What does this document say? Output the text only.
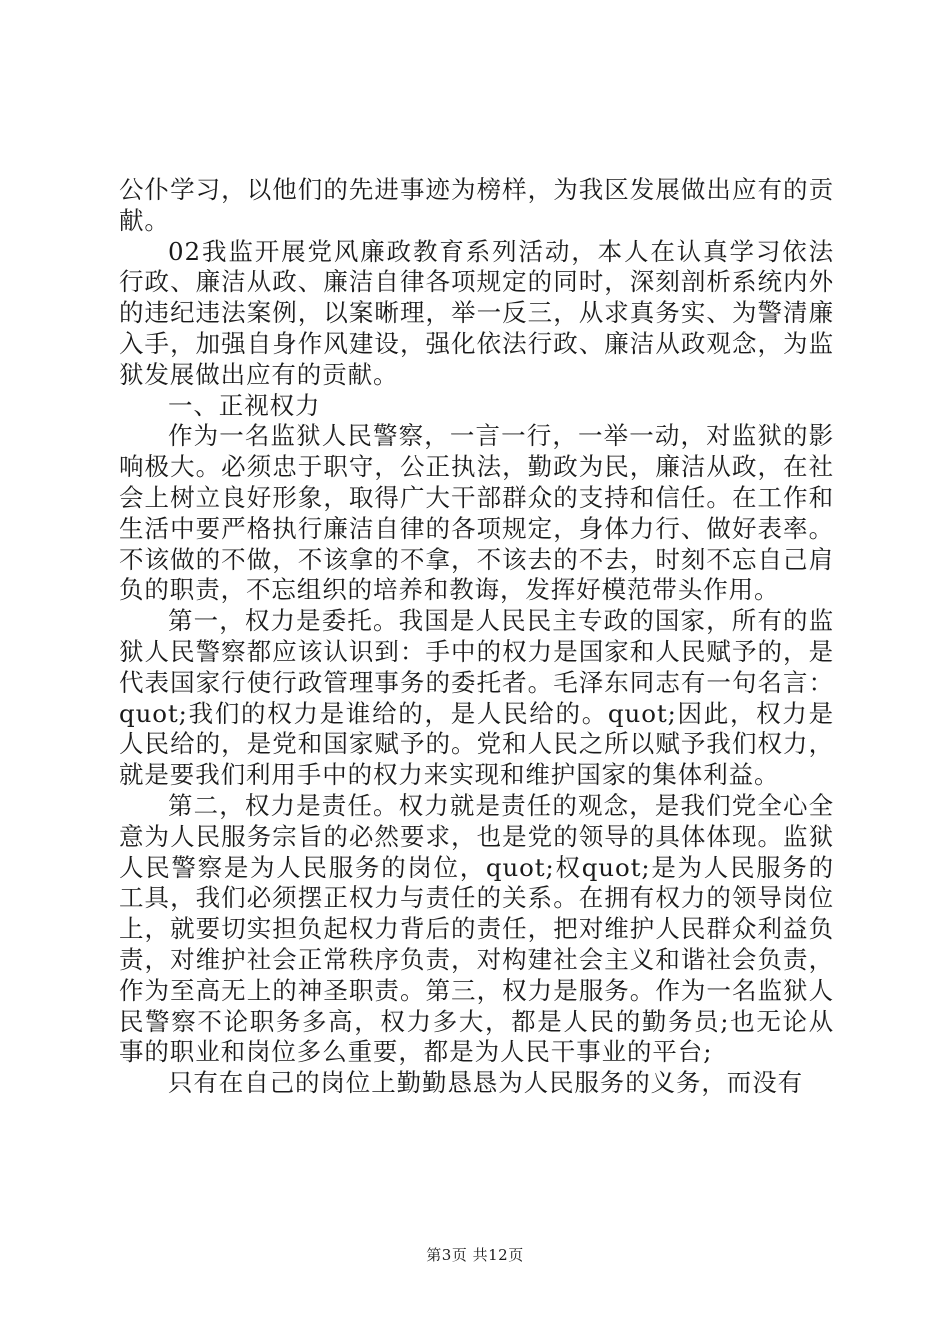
公仆学习，以他们的先进事迹为榜样，为我区发展做出应有的贡献。

02我监开展党风廉政教育系列活动，本人在认真学习依法行政、廉洁从政、廉洁自律各项规定的同时，深刻剖析系统内外的违纪违法案例，以案晰理，举一反三，从求真务实、为警清廉入手，加强自身作风建设，强化依法行政、廉洁从政观念，为监狱发展做出应有的贡献。

一、正视权力

作为一名监狱人民警察，一言一行，一举一动，对监狱的影响极大。必须忠于职守，公正执法，勤政为民，廉洁从政，在社会上树立良好形象，取得广大干部群众的支持和信任。在工作和生活中要严格执行廉洁自律的各项规定，身体力行、做好表率。不该做的不做，不该拿的不拿，不该去的不去，时刻不忘自己肩负的职责，不忘组织的培养和教诲，发挥好模范带头作用。

第一，权力是委托。我国是人民民主专政的国家，所有的监狱人民警察都应该认识到：手中的权力是国家和人民赋予的，是代表国家行使行政管理事务的委托者。毛泽东同志有一句名言：quot;我们的权力是谁给的，是人民给的。quot;因此，权力是人民给的，是党和国家赋予的。党和人民之所以赋予我们权力，就是要我们利用手中的权力来实现和维护国家的集体利益。

第二，权力是责任。权力就是责任的观念，是我们党全心全意为人民服务宗旨的必然要求，也是党的领导的具体体现。监狱人民警察是为人民服务的岗位，quot;权quot;是为人民服务的工具，我们必须摆正权力与责任的关系。在拥有权力的领导岗位上，就要切实担负起权力背后的责任，把对维护人民群众利益负责，对维护社会正常秩序负责，对构建社会主义和谐社会负责，作为至高无上的神圣职责。第三，权力是服务。作为一名监狱人民警察不论职务多高，权力多大，都是人民的勤务员;也无论从事的职业和岗位多么重要，都是为人民干事业的平台;

只有在自己的岗位上勤勤恳恳为人民服务的义务，而没有

第3页 共12页
